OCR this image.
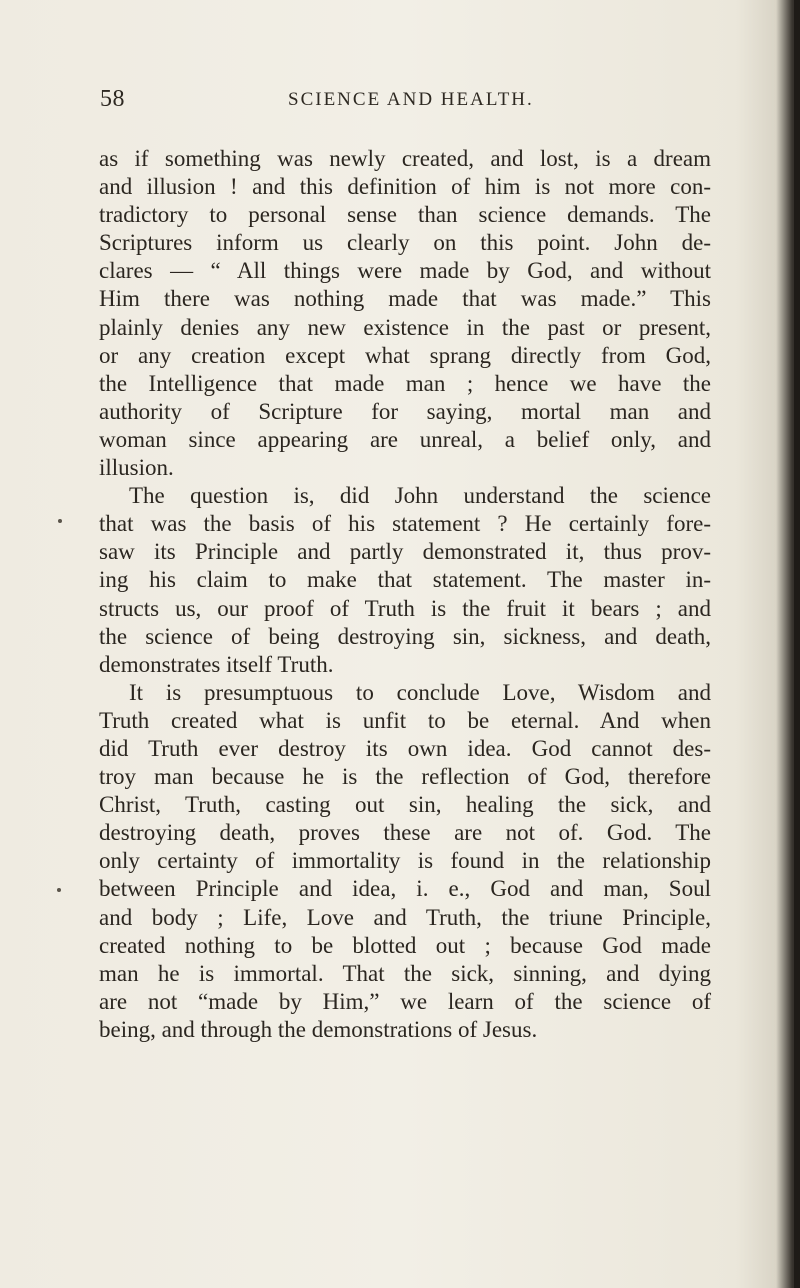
58	SCIENCE AND HEALTH.
as if something was newly created, and lost, is a dream
and illusion ! and this definition of him is not more con-
tradictory to personal sense than science demands. The
Scriptures inform us clearly on this point. John de-
clares — “ All things were made by God, and without
Him there was nothing made that was made.” This
plainly denies any new existence in the past or present,
or any creation except what sprang directly from God,
the Intelligence that made man ; hence we have the
authority of Scripture for saying, mortal man and
woman since appearing are unreal, a belief only, and
illusion.
The question is, did John understand the science
that was the basis of his statement ? He certainly fore-
saw its Principle and partly demonstrated it, thus prov-
ing his claim to make that statement. The master in-
structs us, our proof of Truth is the fruit it bears ; and
the science of being destroying sin, sickness, and death,
demonstrates itself Truth.
It is presumptuous to conclude Love, Wisdom and
Truth created what is unfit to be eternal. And when
did Truth ever destroy its own idea. God cannot des-
troy man because he is the reflection of God, therefore
Christ, Truth, casting out sin, healing the sick, and
destroying death, proves these are not of. God. The
only certainty of immortality is found in the relationship
between Principle and idea, i. e., God and man, Soul
and body ; Life, Love and Truth, the triune Principle,
created nothing to be blotted out ; because God made
man he is immortal. That the sick, sinning, and dying
are not “made by Him,” we learn of the science of
being, and through the demonstrations of Jesus.
